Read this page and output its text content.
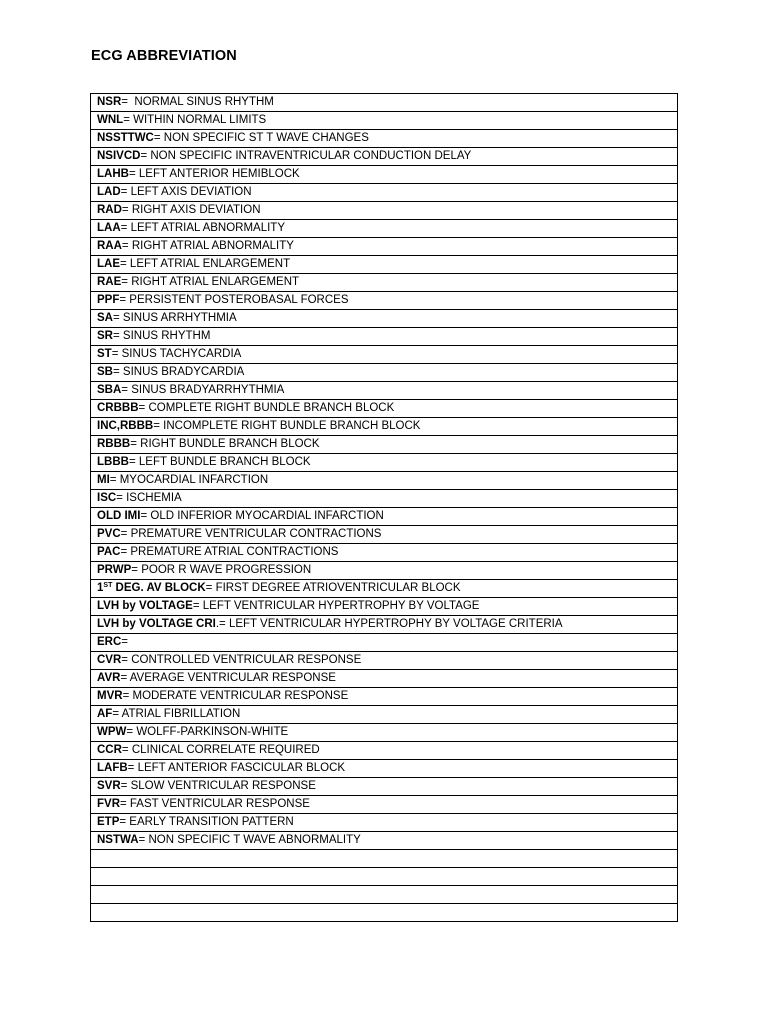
ECG ABBREVIATION
NSR=  NORMAL SINUS RHYTHM
WNL= WITHIN NORMAL LIMITS
NSSTTWC= NON SPECIFIC ST T WAVE CHANGES
NSIVCD= NON SPECIFIC INTRAVENTRICULAR CONDUCTION DELAY
LAHB= LEFT ANTERIOR HEMIBLOCK
LAD= LEFT AXIS DEVIATION
RAD= RIGHT AXIS DEVIATION
LAA= LEFT ATRIAL ABNORMALITY
RAA= RIGHT ATRIAL ABNORMALITY
LAE= LEFT ATRIAL ENLARGEMENT
RAE= RIGHT ATRIAL ENLARGEMENT
PPF= PERSISTENT POSTEROBASAL FORCES
SA= SINUS ARRHYTHMIA
SR= SINUS RHYTHM
ST= SINUS TACHYCARDIA
SB= SINUS BRADYCARDIA
SBA= SINUS BRADYARRHYTHMIA
CRBBB= COMPLETE RIGHT BUNDLE BRANCH BLOCK
INC,RBBB= INCOMPLETE RIGHT BUNDLE BRANCH BLOCK
RBBB= RIGHT BUNDLE BRANCH BLOCK
LBBB= LEFT BUNDLE BRANCH BLOCK
MI= MYOCARDIAL INFARCTION
ISC= ISCHEMIA
OLD IMI= OLD INFERIOR MYOCARDIAL INFARCTION
PVC= PREMATURE VENTRICULAR CONTRACTIONS
PAC= PREMATURE ATRIAL CONTRACTIONS
PRWP= POOR R WAVE PROGRESSION
1ST DEG. AV BLOCK= FIRST DEGREE ATRIOVENTRICULAR BLOCK
LVH by VOLTAGE= LEFT VENTRICULAR HYPERTROPHY BY VOLTAGE
LVH by VOLTAGE CRI.= LEFT VENTRICULAR HYPERTROPHY BY VOLTAGE CRITERIA
ERC=
CVR= CONTROLLED VENTRICULAR RESPONSE
AVR= AVERAGE VENTRICULAR RESPONSE
MVR= MODERATE VENTRICULAR RESPONSE
AF= ATRIAL FIBRILLATION
WPW= WOLFF-PARKINSON-WHITE
CCR= CLINICAL CORRELATE REQUIRED
LAFB= LEFT ANTERIOR FASCICULAR BLOCK
SVR= SLOW VENTRICULAR RESPONSE
FVR= FAST VENTRICULAR RESPONSE
ETP= EARLY TRANSITION PATTERN
NSTWA= NON SPECIFIC T WAVE ABNORMALITY
